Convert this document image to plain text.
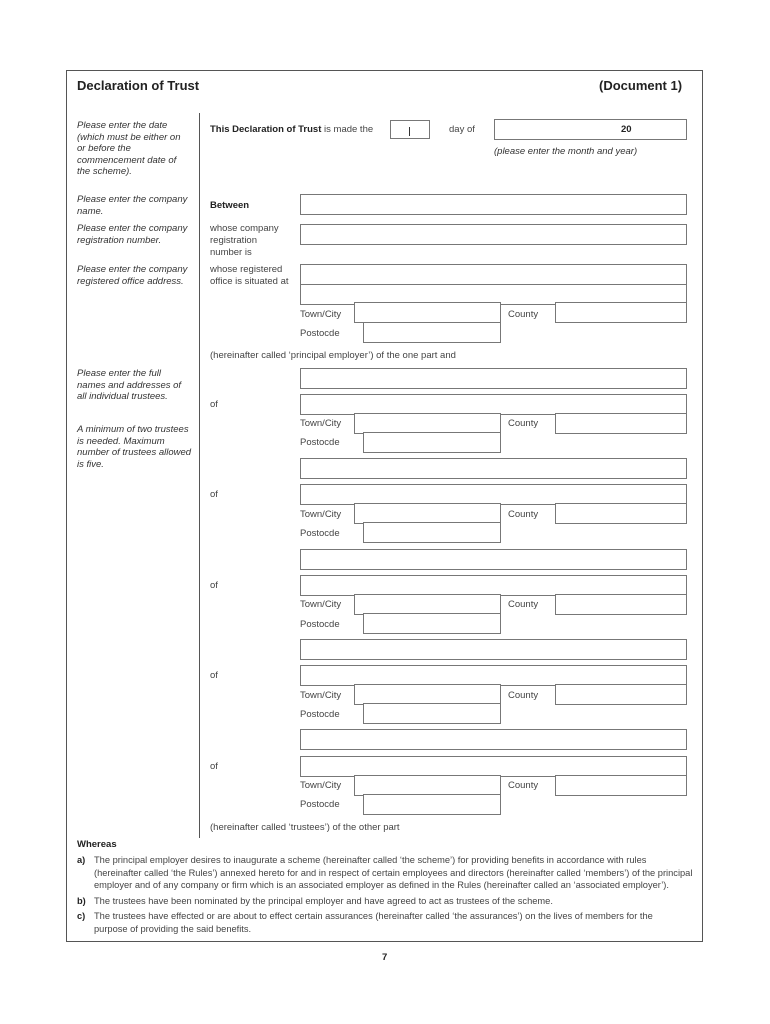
Declaration of Trust	(Document 1)
Please enter the date (which must be either on or before the commencement date of the scheme).
Please enter the company name.
Please enter the company registration number.
Please enter the company registered office address.
Please enter the full names and addresses of all individual trustees.
A minimum of two trustees is needed. Maximum number of trustees allowed is five.
This Declaration of Trust is made the	day of	20
(please enter the month and year)
Between
whose company registration number is
whose registered office is situated at
Town/City	County
Postocde
(hereinafter called ‘principal employer’) of the one part and
of
Town/City	County
Postocde
of
Town/City	County
Postocde
of
Town/City	County
Postocde
of
Town/City	County
Postocde
of
Town/City	County
Postocde
(hereinafter called ‘trustees’) of the other part
Whereas
a) The principal employer desires to inaugurate a scheme (hereinafter called ‘the scheme’) for providing benefits in accordance with rules (hereinafter called ‘the Rules’) annexed hereto for and in respect of certain employees and directors (hereinafter called ‘members’) of the principal employer and of any company or firm which is an associated employer as defined in the Rules (hereinafter called an ‘associated employer’).
b) The trustees have been nominated by the principal employer and have agreed to act as trustees of the scheme.
c) The trustees have effected or are about to effect certain assurances (hereinafter called ‘the assurances’) on the lives of members for the purpose of providing the said benefits.
7
